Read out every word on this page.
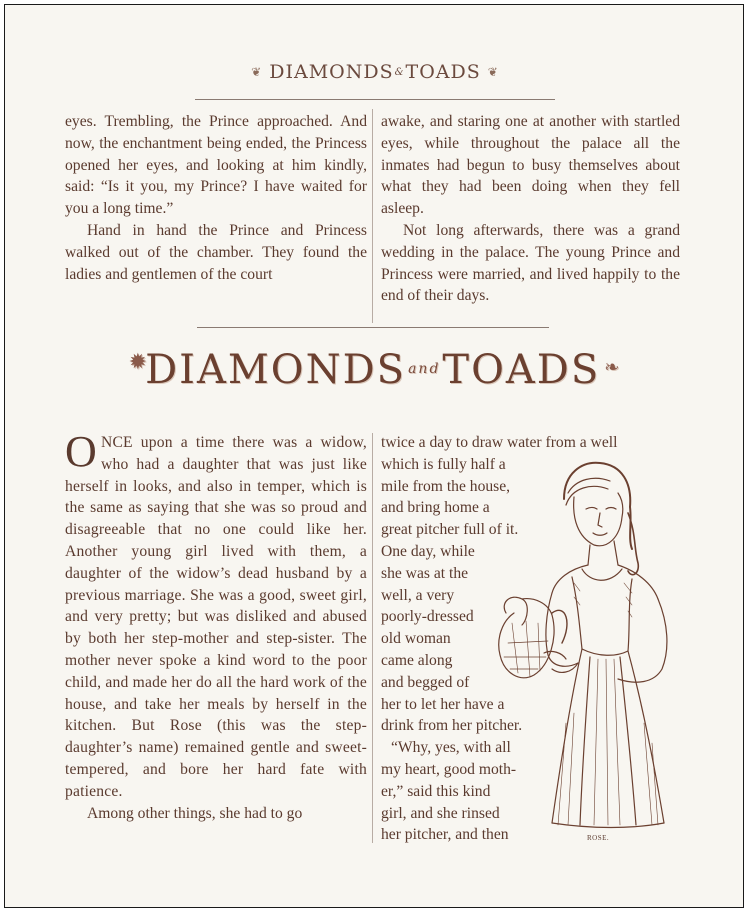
❦ DIAMONDS&TOADS ❦

eyes. Trembling, the Prince approached. And now, the enchantment being ended, the Princess opened her eyes, and looking at him kindly, said: “Is it you, my Prince? I have waited for you a long time.”

Hand in hand the Prince and Princess walked out of the chamber. They found the ladies and gentlemen of the court

awake, and staring one at another with startled eyes, while throughout the palace all the inmates had begun to busy themselves about what they had been doing when they fell asleep.

Not long afterwards, there was a grand wedding in the palace. The young Prince and Princess were married, and lived happily to the end of their days.

✹DIAMONDS $^{and}$TOADS ❧

ONCE upon a time there was a widow, who had a daughter that was just like herself in looks, and also in temper, which is the same as saying that she was so proud and disagreeable that no one could like her. Another young girl lived with them, a daughter of the widow’s dead husband by a previous marriage. She was a good, sweet girl, and very pretty; but was disliked and abused by both her step-mother and step-sister. The mother never spoke a kind word to the poor child, and made her do all the hard work of the house, and take her meals by herself in the kitchen. But Rose (this was the step-daughter’s name) remained gentle and sweet-tempered, and bore her hard fate with patience.

Among other things, she had to go

twice a day to draw water from a well
which is fully half a
mile from the house,
and bring home a
great pitcher full of it.
One day, while
she was at the
well, a very
poorly-dressed
old woman
came along
and begged of
her to let her have a
drink from her pitcher.
“Why, yes, with all
my heart, good moth-
er,” said this kind
girl, and she rinsed
her pitcher, and then	ROSE.
